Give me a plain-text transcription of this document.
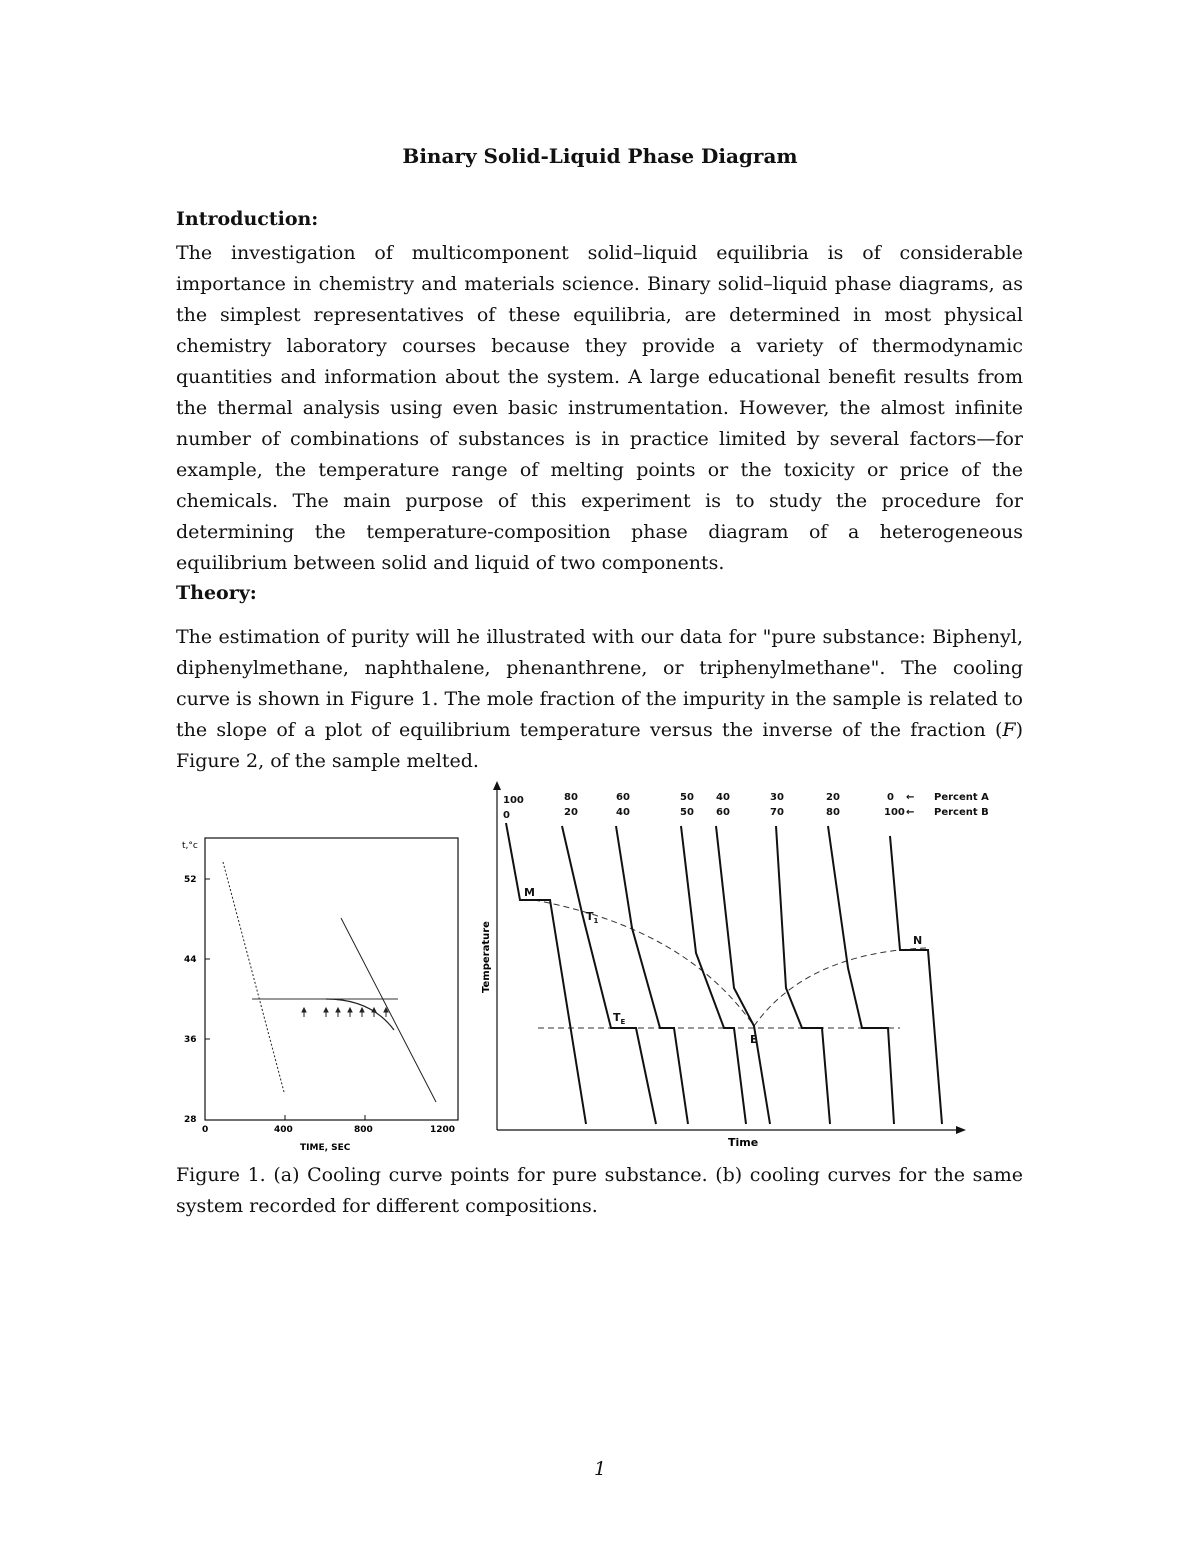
Binary Solid-Liquid Phase Diagram
Introduction:
The investigation of multicomponent solid–liquid equilibria is of considerable importance in chemistry and materials science. Binary solid–liquid phase diagrams, as the simplest representatives of these equilibria, are determined in most physical chemistry laboratory courses because they provide a variety of thermodynamic quantities and information about the system. A large educational benefit results from the thermal analysis using even basic instrumentation. However, the almost infinite number of combinations of substances is in practice limited by several factors—for example, the temperature range of melting points or the toxicity or price of the chemicals. The main purpose of this experiment is to study the procedure for determining the temperature-composition phase diagram of a heterogeneous equilibrium between solid and liquid of two components.
Theory:
The estimation of purity will he illustrated with our data for "pure substance: Biphenyl, diphenylmethane, naphthalene, phenanthrene, or triphenylmethane". The cooling curve is shown in Figure 1. The mole fraction of the impurity in the sample is related to the slope of a plot of equilibrium temperature versus the inverse of the fraction (F) Figure 2, of the sample melted.
t,°c
52
44
36
28
0	400	800	1200
TIME, SEC
Temperature
Time
100	80	60	50 40	30	20	0 ← Percent A
0	20	40	50 60	70	80	100 ← Percent B
M
$T_1$
$T_E$
E
N
Figure 1. (a) Cooling curve points for pure substance. (b) cooling curves for the same system recorded for different compositions.
1
